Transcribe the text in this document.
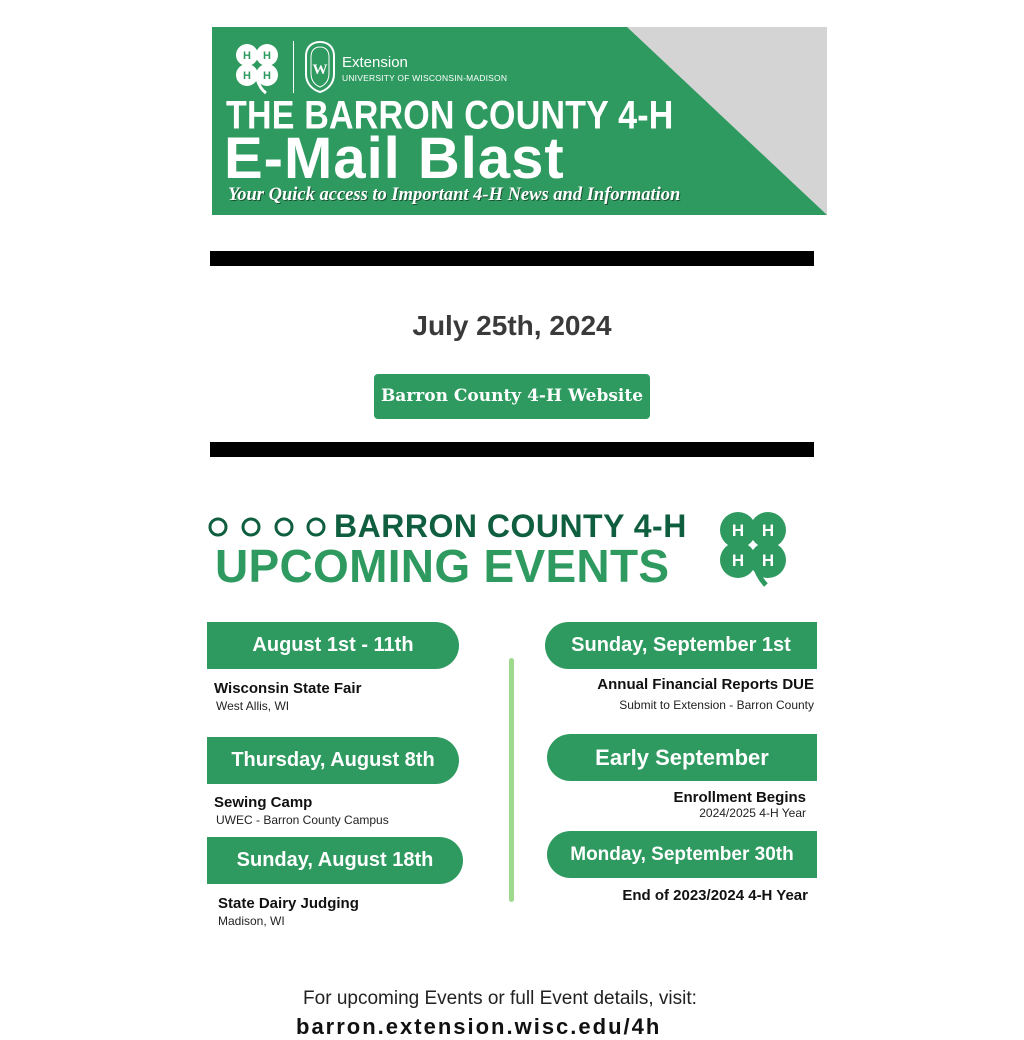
H H
H H	W Extension
UNIVERSITY OF WISCONSIN-MADISON
THE BARRON COUNTY 4-H
E-Mail Blast
Your Quick access to Important 4-H News and Information
July 25th, 2024
Barron County 4-H Website
BARRON COUNTY 4-H
UPCOMING EVENTS
H H
H H
August 1st - 11th
Wisconsin State Fair
West Allis, WI
Thursday, August 8th
Sewing Camp
UWEC - Barron County Campus
Sunday, August 18th
State Dairy Judging
Madison, WI
Sunday, September 1st
Annual Financial Reports DUE
Submit to Extension - Barron County
Early September
Enrollment Begins
2024/2025 4-H Year
Monday, September 30th
End of 2023/2024 4-H Year
For upcoming Events or full Event details, visit:
barron.extension.wisc.edu/4h
